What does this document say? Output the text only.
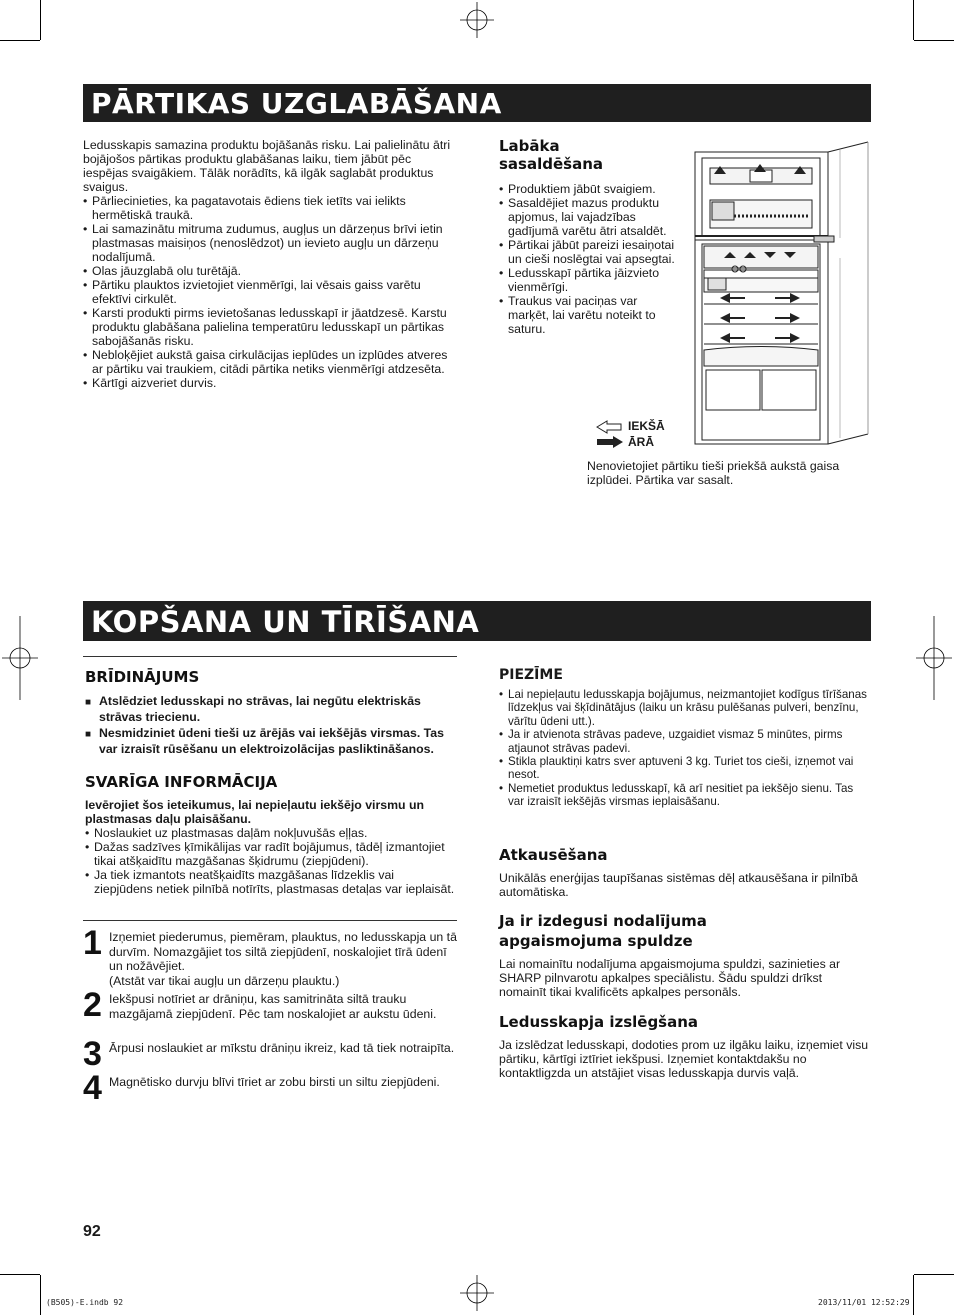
PĀRTIKAS UZGLABĀŠANA
Ledusskapis samazina produktu bojāšanās risku. Lai palielinātu ātri bojājošos pārtikas produktu glabāšanas laiku, tiem jābūt pēc iespējas svaigākiem. Tālāk norādīts, kā ilgāk saglabāt produktus svaigus.
• Pārliecinieties, ka pagatavotais ēdiens tiek ietīts vai ielikts hermētiskā traukā.
• Lai samazinātu mitruma zudumus, augļus un dārzeņus brīvi ietin plastmasas maisiņos (nenoslēdzot) un ievieto augļu un dārzeņu nodalījumā.
• Olas jāuzglabā olu turētājā.
• Pārtiku plauktos izvietojiet vienmērīgi, lai vēsais gaiss varētu efektīvi cirkulēt.
• Karsti produkti pirms ievietošanas ledusskapī ir jāatdzesē. Karstu produktu glabāšana palielina temperatūru ledusskapī un pārtikas sabojāšanās risku.
• Nebloķējiet aukstā gaisa cirkulācijas ieplūdes un izplūdes atveres ar pārtiku vai traukiem, citādi pārtika netiks vienmērīgi atdzesēta.
• Kārtīgi aizveriet durvis.
Labāka sasaldēšana
• Produktiem jābūt svaigiem.
• Sasaldējiet mazus produktu apjomus, lai vajadzības gadījumā varētu ātri atsaldēt.
• Pārtikai jābūt pareizi iesaiņotai un cieši noslēgtai vai apsegtai.
• Ledusskapī pārtika jāizvieto vienmērīgi.
• Traukus vai paciņas var marķēt, lai varētu noteikt to saturu.
IEKŠĀ
ĀRĀ
Nenovietojiet pārtiku tieši priekšā aukstā gaisa izplūdei. Pārtika var sasalt.
KOPŠANA UN TĪRĪŠANA
BRĪDINĀJUMS
■ Atslēdziet ledusskapi no strāvas, lai negūtu elektriskās strāvas triecienu.
■ Nesmidziniet ūdeni tieši uz ārējās vai iekšējās virsmas. Tas var izraisīt rūsēšanu un elektroizolācijas pasliktināšanos.
SVARĪGA INFORMĀCIJA
Ievērojiet šos ieteikumus, lai nepieļautu iekšējo virsmu un plastmasas daļu plaisāšanu.
• Noslaukiet uz plastmasas daļām nokļuvušās eļļas.
• Dažas sadzīves ķīmikālijas var radīt bojājumus, tādēļ izmantojiet tikai atšķaidītu mazgāšanas šķidrumu (ziepjūdeni).
• Ja tiek izmantots neatšķaidīts mazgāšanas līdzeklis vai ziepjūdens netiek pilnībā notīrīts, plastmasas detaļas var ieplaisāt.
1 Izņemiet piederumus, piemēram, plauktus, no ledusskapja un tā durvīm. Nomazgājiet tos siltā ziepjūdenī, noskalojiet tīrā ūdenī un nožāvējiet.
(Atstāt var tikai augļu un dārzeņu plauktu.)
2 Iekšpusi notīriet ar drāniņu, kas samitrināta siltā trauku mazgājamā ziepjūdenī. Pēc tam noskalojiet ar aukstu ūdeni.
3 Ārpusi noslaukiet ar mīkstu drāniņu ikreiz, kad tā tiek notraipīta.
4 Magnētisko durvju blīvi tīriet ar zobu birsti un siltu ziepjūdeni.
PIEZĪME
• Lai nepieļautu ledusskapja bojājumus, neizmantojiet kodīgus tīrīšanas līdzekļus vai šķīdinātājus (laiku un krāsu pulēšanas pulveri, benzīnu, vārītu ūdeni utt.).
• Ja ir atvienota strāvas padeve, uzgaidiet vismaz 5 minūtes, pirms atjaunot strāvas padevi.
• Stikla plauktiņi katrs sver aptuveni 3 kg. Turiet tos cieši, izņemot vai nesot.
• Nemetiet produktus ledusskapī, kā arī nesitiet pa iekšējo sienu. Tas var izraisīt iekšējās virsmas ieplaisāšanu.
Atkausēšana
Unikālās enerģijas taupīšanas sistēmas dēļ atkausēšana ir pilnībā automātiska.
Ja ir izdegusi nodalījuma apgaismojuma spuldze
Lai nomainītu nodalījuma apgaismojuma spuldzi, sazinieties ar SHARP pilnvarotu apkalpes speciālistu. Šādu spuldzi drīkst nomainīt tikai kvalificēts apkalpes personāls.
Ledusskapja izslēgšana
Ja izslēdzat ledusskapi, dodoties prom uz ilgāku laiku, izņemiet visu pārtiku, kārtīgi iztīriet iekšpusi. Izņemiet kontaktdakšu no kontaktligzda un atstājiet visas ledusskapja durvis vaļā.
92
(B505)-E.indb 92	2013/11/01 12:52:29
